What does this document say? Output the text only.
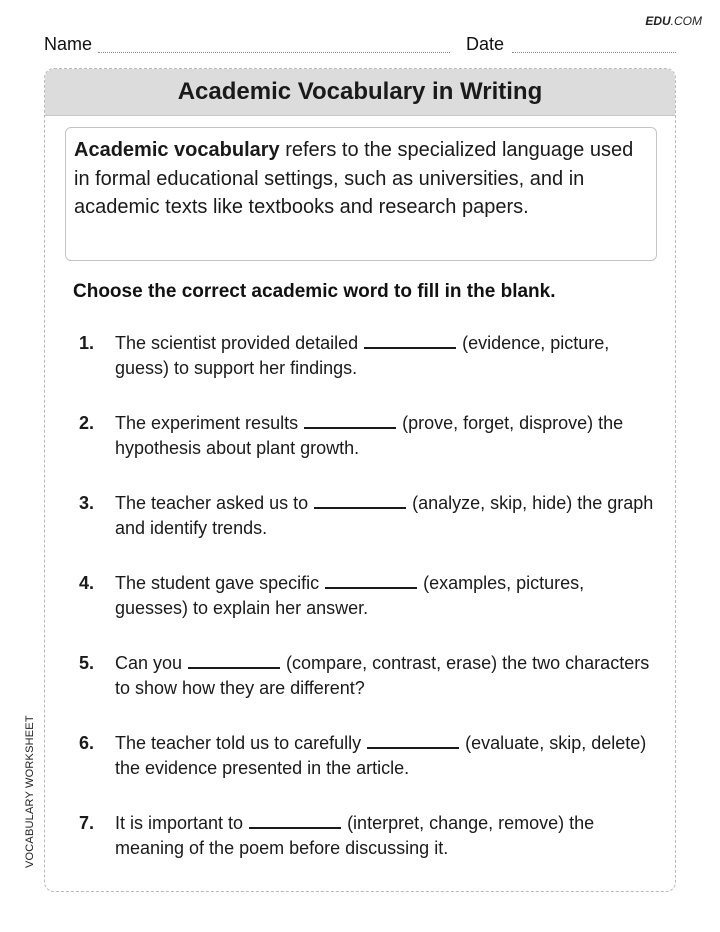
EDU.COM
Name	Date
VOCABULARY WORKSHEET
Academic Vocabulary in Writing
Academic vocabulary refers to the specialized language used in formal educational settings, such as universities, and in academic texts like textbooks and research papers.
Choose the correct academic word to fill in the blank.
1.	The scientist provided detailed	(evidence, picture, guess) to support her findings.
2.	The experiment results	(prove, forget, disprove) the hypothesis about plant growth.
3.	The teacher asked us to	(analyze, skip, hide) the graph and identify trends.
4.	The student gave specific	(examples, pictures, guesses) to explain her answer.
5.	Can you	(compare, contrast, erase) the two characters to show how they are different?
6.	The teacher told us to carefully	(evaluate, skip, delete) the evidence presented in the article.
7.	It is important to	(interpret, change, remove) the meaning of the poem before discussing it.
